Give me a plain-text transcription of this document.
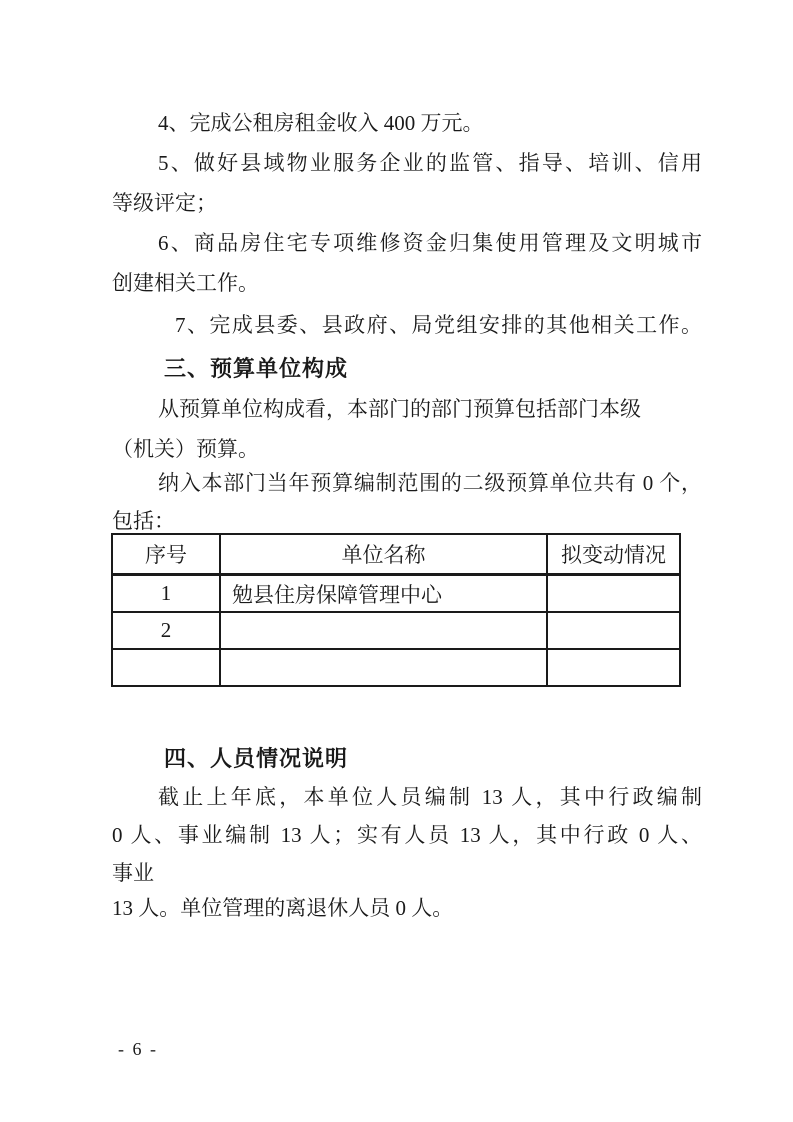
4、完成公租房租金收入 400 万元。
5、做好县域物业服务企业的监管、指导、培训、信用
等级评定；
6、商品房住宅专项维修资金归集使用管理及文明城市
创建相关工作。
7、完成县委、县政府、局党组安排的其他相关工作。
三、预算单位构成
从预算单位构成看，本部门的部门预算包括部门本级
（机关）预算。
纳入本部门当年预算编制范围的二级预算单位共有 0 个，
包括：
序号	单位名称	拟变动情况
1	勉县住房保障管理中心	
2		

四、人员情况说明
截止上年底，本单位人员编制 13 人，其中行政编制
0 人、事业编制 13 人；实有人员 13 人，其中行政 0 人、
事业
13 人。单位管理的离退休人员 0 人。
- 6 -
